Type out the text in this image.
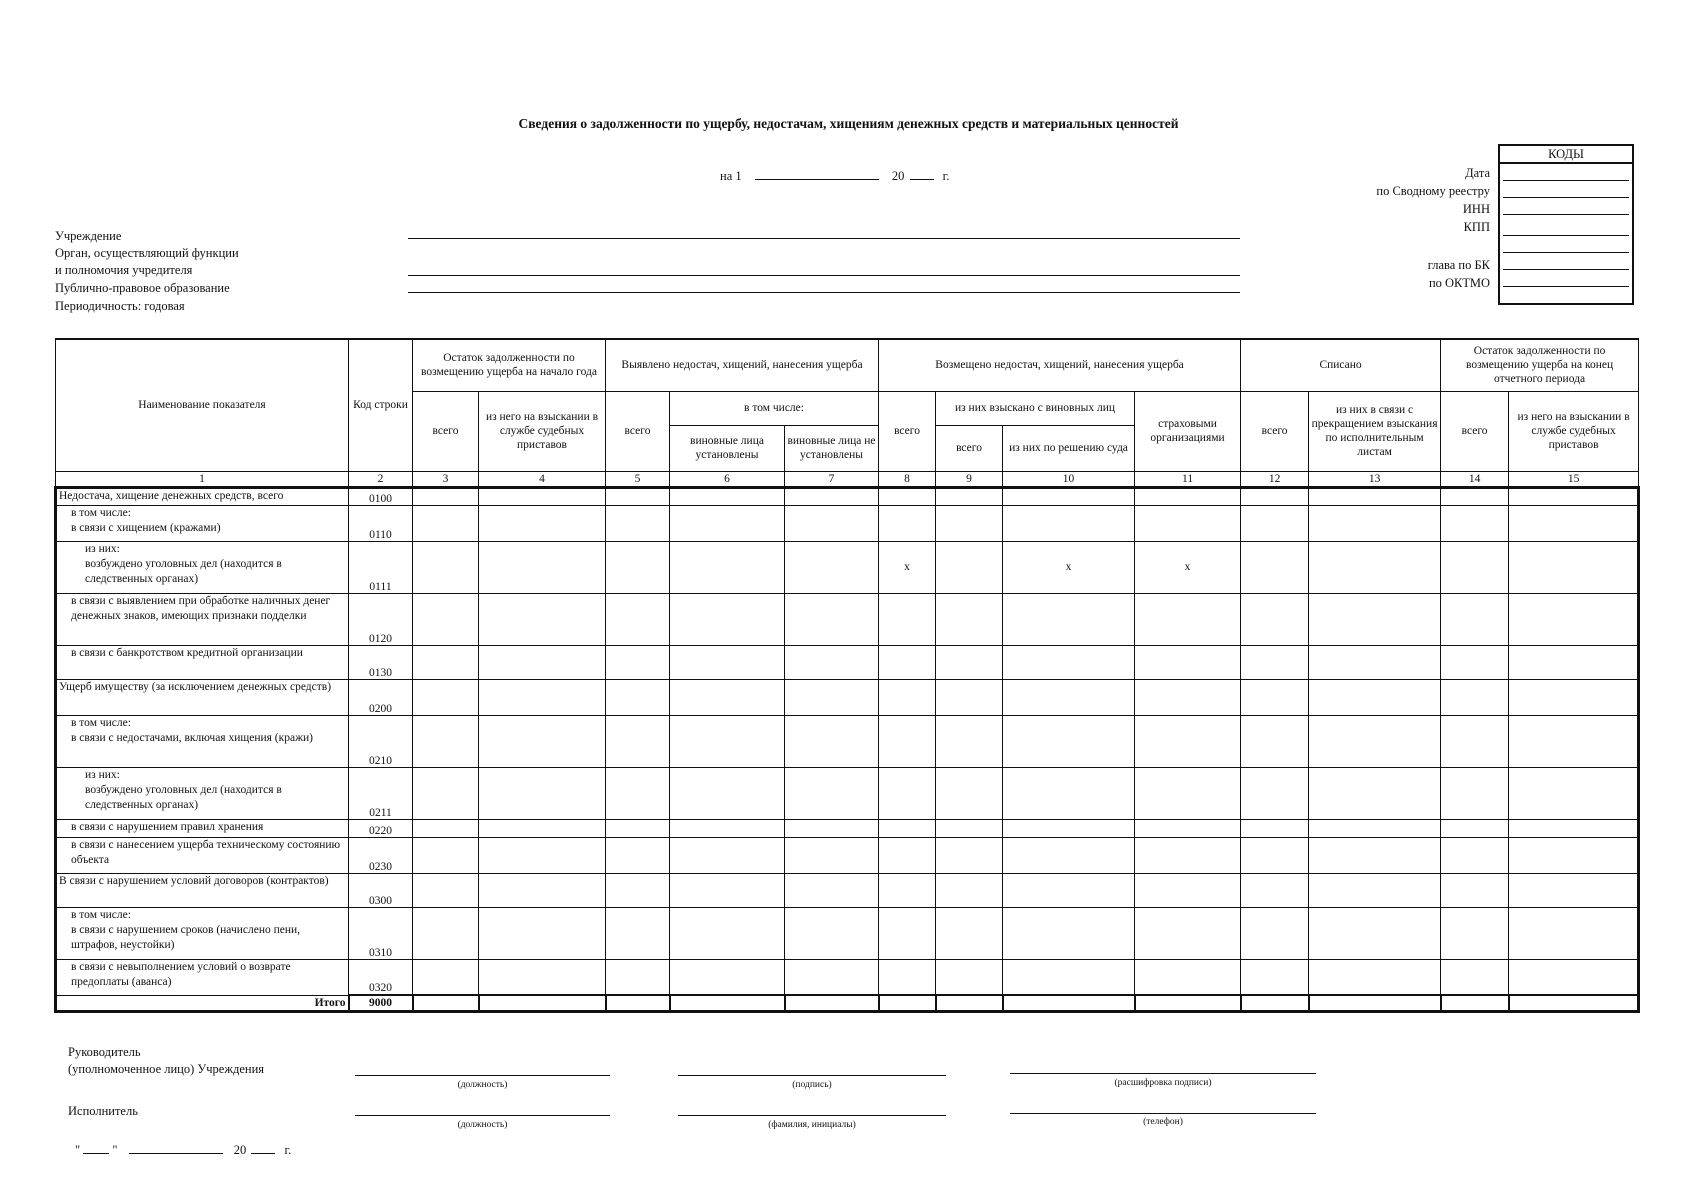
Сведения о задолженности по ущербу, недостачам, хищениям денежных средств и материальных ценностей
на 1	20	г.	Дата
по Сводному реестру
ИНН
КПП
глава по БК
по ОКТМО
КОДЫ
Учреждение
Орган, осуществляющий функции
и полномочия учредителя
Публично-правовое образование
Периодичность: годовая
Наименование показателя	Код строки	Остаток задолженности по возмещению ущерба на начало года		Выявлено недостач, хищений, нанесения ущерба			Возмещено недостач, хищений, нанесения ущерба				Списано		Остаток задолженности по возмещению ущерба на конец отчетного периода	
		всего	из него на взыскании в службе судебных приставов	всего	в том числе:		всего	из них взыскано с виновных лиц		страховыми организациями	всего	из них в связи с прекращением взыскания по исполнительным листам	всего	из него на взыскании в службе судебных приставов
					виновные лица установлены	виновные лица не установлены		всего	из них по решению суда					
1	2	3	4	5	6	7	8	9	10	11	12	13	14	15
Недостача, хищение денежных средств, всего	0100													
в том числе:
в связи с хищением (кражами)	0110													
из них:
возбуждено уголовных дел (находится в следственных органах)	0111						х		х	х				
в связи с выявлением при обработке наличных денег денежных знаков, имеющих признаки подделки	0120													
в связи с банкротством кредитной организации	0130													
Ущерб имуществу (за исключением денежных средств)	0200													
в том числе:
в связи с недостачами, включая хищения (кражи)	0210													
из них:
возбуждено уголовных дел (находится в следственных органах)	0211													
в связи с нарушением правил хранения	0220													
в связи с нанесением ущерба техническому состоянию объекта	0230													
В связи с нарушением условий договоров (контрактов)	0300													
в том числе:
в связи с нарушением сроков (начислено пени, штрафов, неустойки)	0310													
в связи с невыполнением условий о возврате предоплаты (аванса)	0320													
Итого	9000													
Руководитель
(уполномоченное лицо) Учреждения
(должность)	(подпись)	(расшифровка подписи)
Исполнитель
(должность)	(фамилия, инициалы)	(телефон)
"	"	20	г.
